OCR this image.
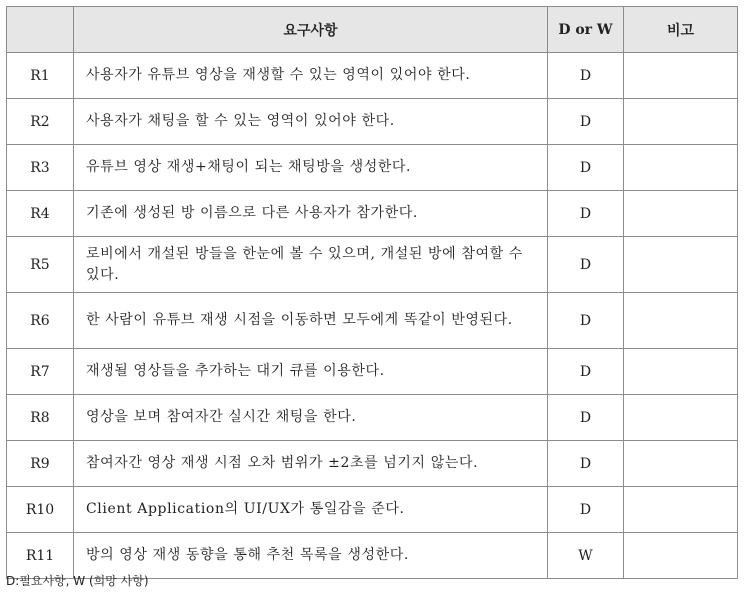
	요구사항	D or W	비고
R1	사용자가 유튜브 영상을 재생할 수 있는 영역이 있어야 한다.	D	
R2	사용자가 채팅을 할 수 있는 영역이 있어야 한다.	D	
R3	유튜브 영상 재생+채팅이 되는 채팅방을 생성한다.	D	
R4	기존에 생성된 방 이름으로 다른 사용자가 참가한다.	D	
R5	로비에서 개설된 방들을 한눈에 볼 수 있으며, 개설된 방에 참여할 수 있다.	D	
R6	한 사람이 유튜브 재생 시점을 이동하면 모두에게 똑같이 반영된다.	D	
R7	재생될 영상들을 추가하는 대기 큐를 이용한다.	D	
R8	영상을 보며 참여자간 실시간 채팅을 한다.	D	
R9	참여자간 영상 재생 시점 오차 범위가 ±2초를 넘기지 않는다.	D	
R10	Client Application의 UI/UX가 통일감을 준다.	D	
R11	방의 영상 재생 동향을 통해 추천 목록을 생성한다.	W	
D:필요사항, W (희망 사항)
